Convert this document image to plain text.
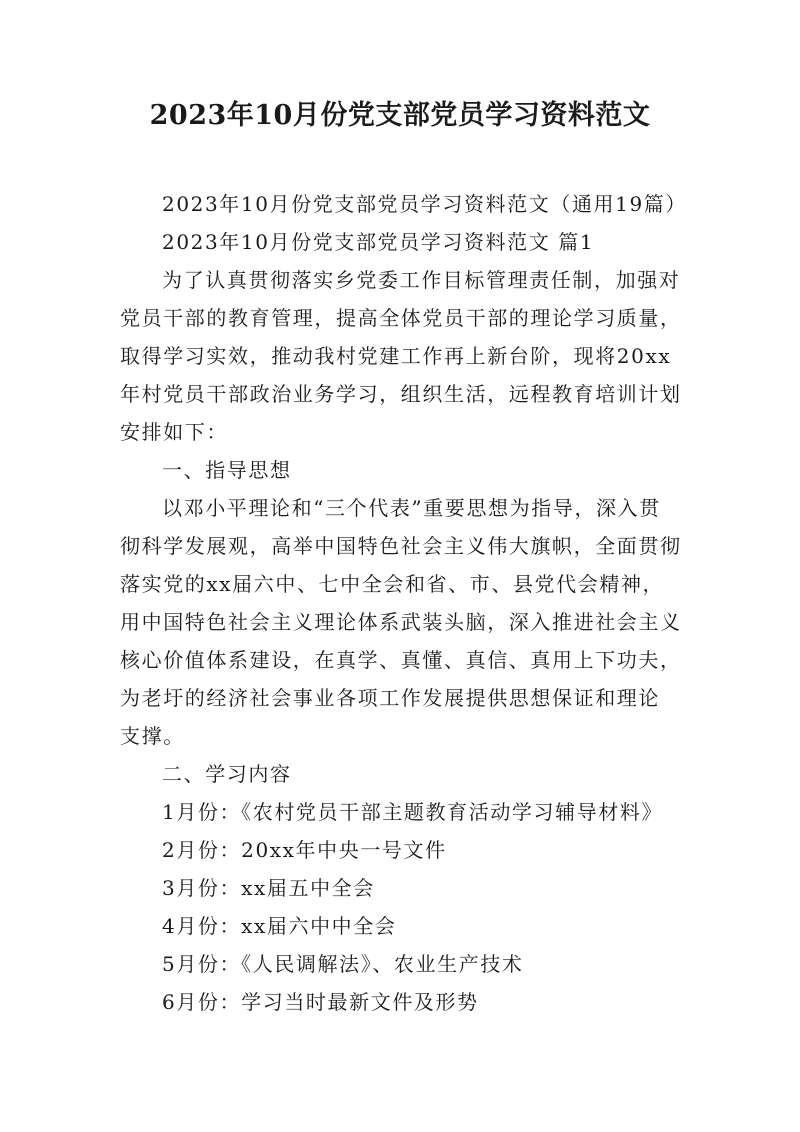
2023年10月份党支部党员学习资料范文
2023年10月份党支部党员学习资料范文（通用19篇）
2023年10月份党支部党员学习资料范文 篇1
为了认真贯彻落实乡党委工作目标管理责任制，加强对
党员干部的教育管理，提高全体党员干部的理论学习质量，
取得学习实效，推动我村党建工作再上新台阶，现将20xx
年村党员干部政治业务学习，组织生活，远程教育培训计划
安排如下：
一、指导思想
以邓小平理论和“三个代表”重要思想为指导，深入贯
彻科学发展观，高举中国特色社会主义伟大旗帜，全面贯彻
落实党的xx届六中、七中全会和省、市、县党代会精神，
用中国特色社会主义理论体系武装头脑，深入推进社会主义
核心价值体系建设，在真学、真懂、真信、真用上下功夫，
为老圩的经济社会事业各项工作发展提供思想保证和理论
支撑。
二、学习内容
1月份：《农村党员干部主题教育活动学习辅导材料》
2月份：20xx年中央一号文件
3月份：xx届五中全会
4月份：xx届六中中全会
5月份：《人民调解法》、农业生产技术
6月份：学习当时最新文件及形势
